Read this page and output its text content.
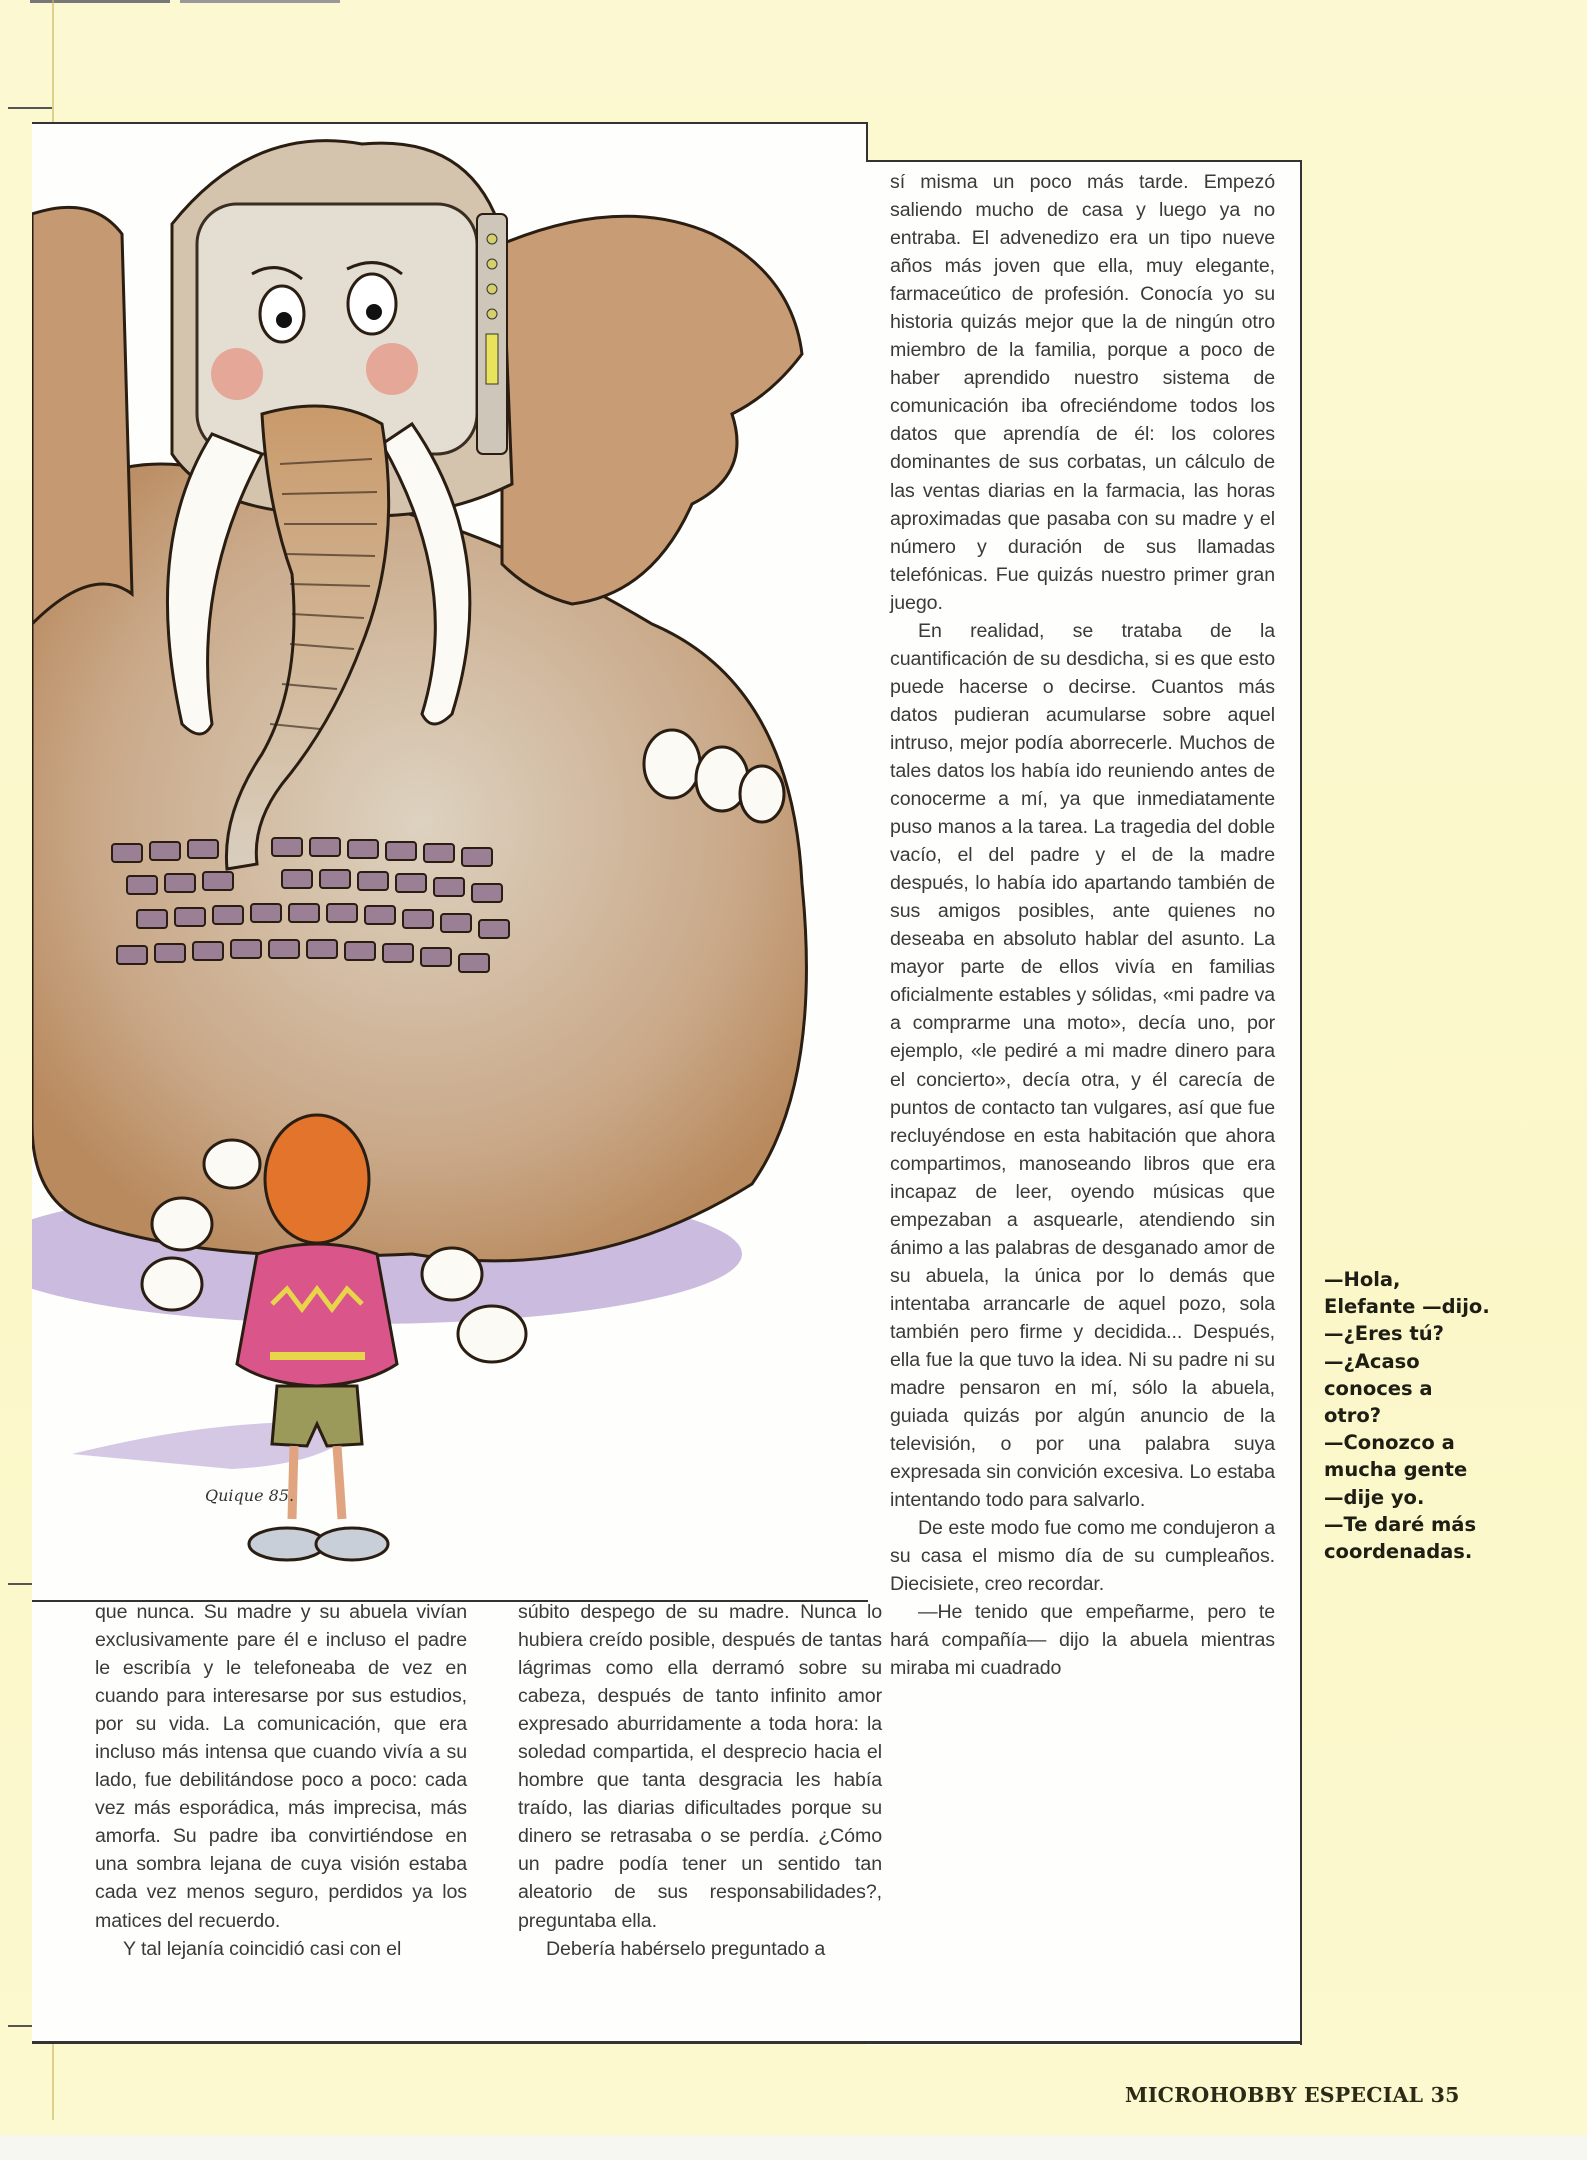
Quique 85.

sí misma un poco más tarde. Empezó saliendo mucho de casa y luego ya no entraba. El advenedizo era un tipo nueve años más joven que ella, muy elegante, farmaceútico de profesión. Conocía yo su historia quizás mejor que la de ningún otro miembro de la familia, porque a poco de haber aprendido nuestro sistema de comunicación iba ofreciéndome todos los datos que aprendía de él: los colores dominantes de sus corbatas, un cálculo de las ventas diarias en la farmacia, las horas aproximadas que pasaba con su madre y el número y duración de sus llamadas telefónicas. Fue quizás nuestro primer gran juego.

En realidad, se trataba de la cuantificación de su desdicha, si es que esto puede hacerse o decirse. Cuantos más datos pudieran acumularse sobre aquel intruso, mejor podía aborrecerle. Muchos de tales datos los había ido reuniendo antes de conocerme a mí, ya que inmediatamente puso manos a la tarea. La tragedia del doble vacío, el del padre y el de la madre después, lo había ido apartando también de sus amigos posibles, ante quienes no deseaba en absoluto hablar del asunto. La mayor parte de ellos vivía en familias oficialmente estables y sólidas, «mi padre va a comprarme una moto», decía uno, por ejemplo, «le pediré a mi madre dinero para el concierto», decía otra, y él carecía de puntos de contacto tan vulgares, así que fue recluyéndose en esta habitación que ahora compartimos, manoseando libros que era incapaz de leer, oyendo músicas que empezaban a asquearle, atendiendo sin ánimo a las palabras de desganado amor de su abuela, la única por lo demás que intentaba arrancarle de aquel pozo, sola también pero firme y decidida... Después, ella fue la que tuvo la idea. Ni su padre ni su madre pensaron en mí, sólo la abuela, guiada quizás por algún anuncio de la televisión, o por una palabra suya expresada sin convición excesiva. Lo estaba intentando todo para salvarlo.

De este modo fue como me condujeron a su casa el mismo día de su cumpleaños. Diecisiete, creo recordar.

—He tenido que empeñarme, pero te hará compañía— dijo la abuela mientras miraba mi cuadrado

que nunca. Su madre y su abuela vivían exclusivamente pare él e incluso el padre le escribía y le telefoneaba de vez en cuando para interesarse por sus estudios, por su vida. La comunicación, que era incluso más intensa que cuando vivía a su lado, fue debilitándose poco a poco: cada vez más esporádica, más imprecisa, más amorfa. Su padre iba convirtiéndose en una sombra lejana de cuya visión estaba cada vez menos seguro, perdidos ya los matices del recuerdo.

Y tal lejanía coincidió casi con el

súbito despego de su madre. Nunca lo hubiera creído posible, después de tantas lágrimas como ella derramó sobre su cabeza, después de tanto infinito amor expresado aburridamente a toda hora: la soledad compartida, el desprecio hacia el hombre que tanta desgracia les había traído, las diarias dificultades porque su dinero se retrasaba o se perdía. ¿Cómo un padre podía tener un sentido tan aleatorio de sus responsabilidades?, preguntaba ella.

Debería habérselo preguntado a

—Hola,
Elefante —dijo.
—¿Eres tú?
—¿Acaso
conoces a
otro?
—Conozco a
mucha gente
—dije yo.
—Te daré más
coordenadas.
MICROHOBBY ESPECIAL 35
